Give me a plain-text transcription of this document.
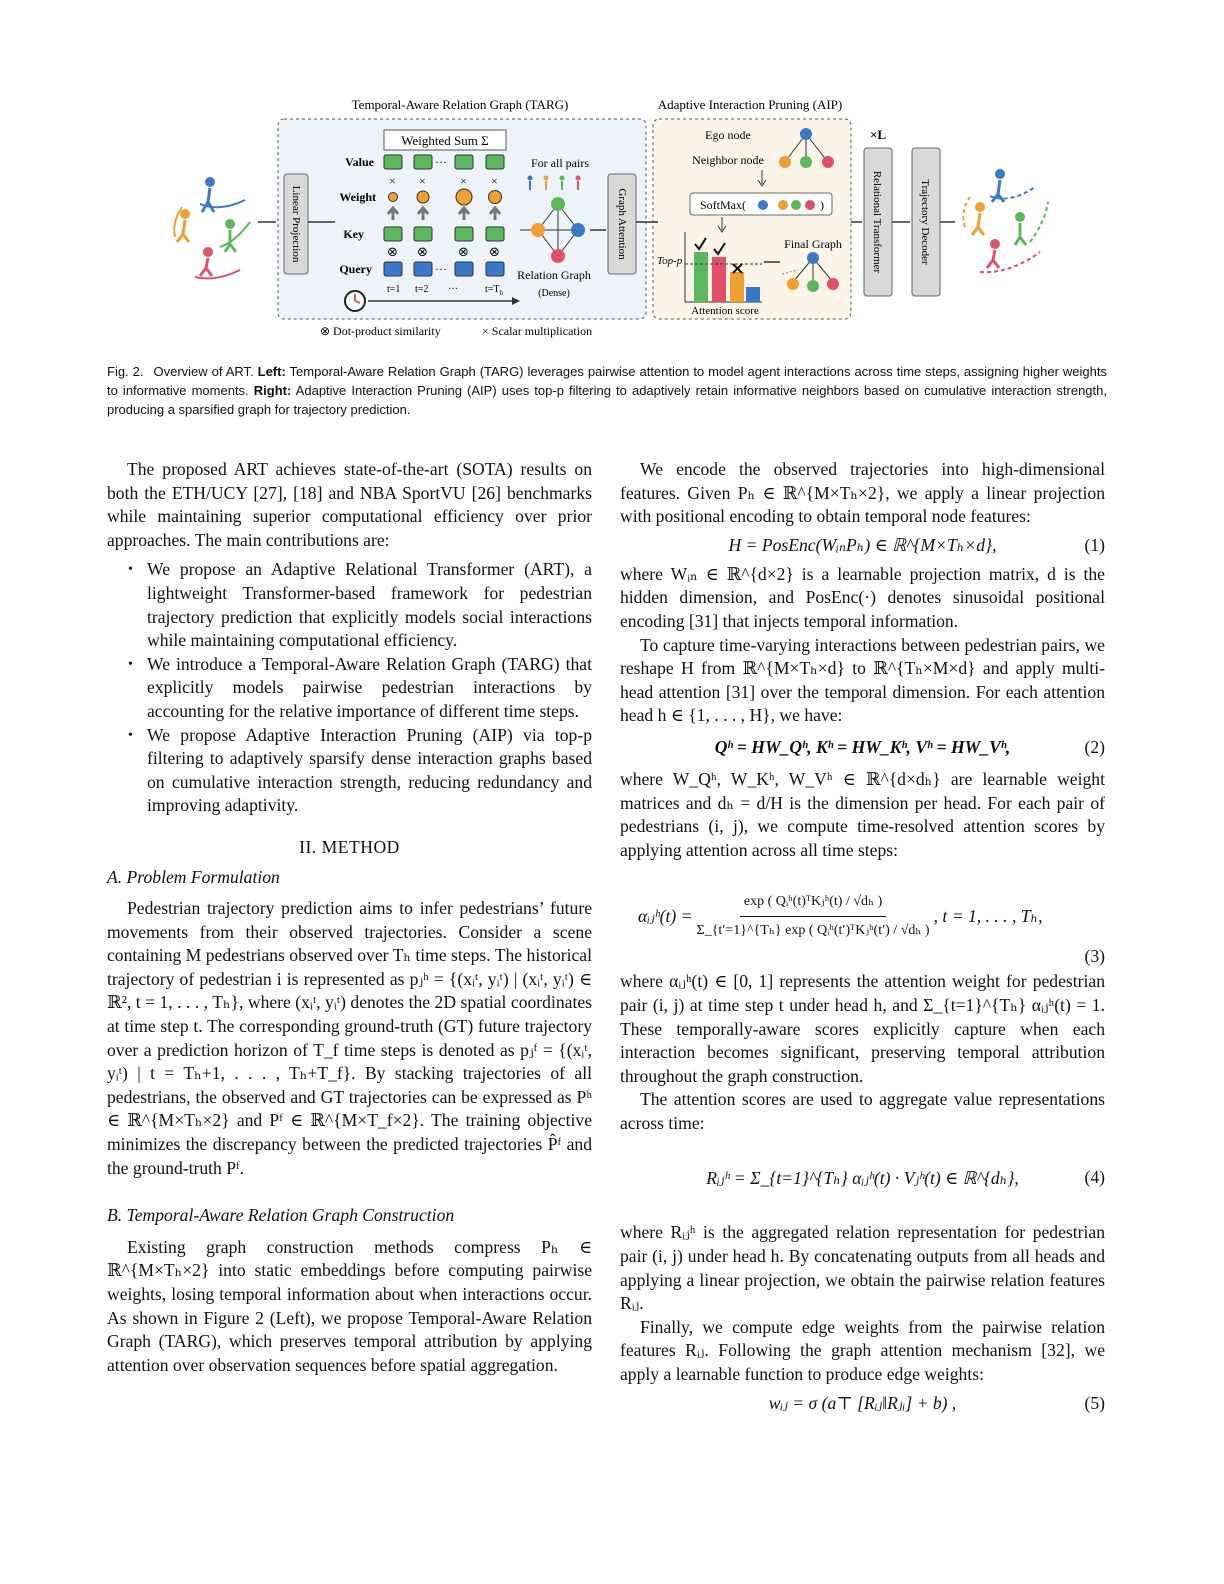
Temporal-Aware Relation Graph (TARG)	Adaptive Interaction Pruning (AIP)
Linear Projection
Value
Weight
Key
Query
Weighted Sum Σ
···
× ×	× ×
⊗ ⊗ ⊗ ⊗
···
t=1 t=2 ···	$t=T_h$
For all pairs
Relation Graph
(Dense)
Graph Attention
Ego node
Neighbor node
SoftMax(	)
Top-p
Attention score
Final Graph
×L
Relational Transformer	Trajectory Decoder
⊗ Dot-product similarity	× Scalar multiplication
Fig. 2. Overview of ART. Left: Temporal-Aware Relation Graph (TARG) leverages pairwise attention to model agent interactions across time steps, assigning higher weights to informative moments. Right: Adaptive Interaction Pruning (AIP) uses top-p filtering to adaptively retain informative neighbors based on cumulative interaction strength, producing a sparsified graph for trajectory prediction.

The proposed ART achieves state-of-the-art (SOTA) results on both the ETH/UCY [27], [18] and NBA SportVU [26] benchmarks while maintaining superior computational efficiency over prior approaches. The main contributions are:

• We propose an Adaptive Relational Transformer (ART), a lightweight Transformer-based framework for pedestrian trajectory prediction that explicitly models social interactions while maintaining computational efficiency.
• We introduce a Temporal-Aware Relation Graph (TARG) that explicitly models pairwise pedestrian interactions by accounting for the relative importance of different time steps.
• We propose Adaptive Interaction Pruning (AIP) via top-p filtering to adaptively sparsify dense interaction graphs based on cumulative interaction strength, reducing redundancy and improving adaptivity.
II. METHOD
A. Problem Formulation

Pedestrian trajectory prediction aims to infer pedestrians’ future movements from their observed trajectories. Consider a scene containing M pedestrians observed over Tₕ time steps. The historical trajectory of pedestrian i is represented as pⱼʰ = {(xᵢᵗ, yᵢᵗ) | (xᵢᵗ, yᵢᵗ) ∈ ℝ², t = 1, . . . , Tₕ}, where (xᵢᵗ, yᵢᵗ) denotes the 2D spatial coordinates at time step t. The corresponding ground-truth (GT) future trajectory over a prediction horizon of T_f time steps is denoted as pⱼᶠ = {(xᵢᵗ, yᵢᵗ) | t = Tₕ+1, . . . , Tₕ+T_f}. By stacking trajectories of all pedestrians, the observed and GT trajectories can be expressed as Pʰ ∈ ℝ^{M×Tₕ×2} and Pᶠ ∈ ℝ^{M×T_f×2}. The training objective minimizes the discrepancy between the predicted trajectories P̂ᶠ and the ground-truth Pᶠ.

B. Temporal-Aware Relation Graph Construction

Existing graph construction methods compress Pₕ ∈ ℝ^{M×Tₕ×2} into static embeddings before computing pairwise weights, losing temporal information about when interactions occur. As shown in Figure 2 (Left), we propose Temporal-Aware Relation Graph (TARG), which preserves temporal attribution by applying attention over observation sequences before spatial aggregation.

We encode the observed trajectories into high-dimensional features. Given Pₕ ∈ ℝ^{M×Tₕ×2}, we apply a linear projection with positional encoding to obtain temporal node features:

H = PosEnc(WᵢₙPₕ) ∈ ℝ^{M×Tₕ×d},	(1)

where Wᵢₙ ∈ ℝ^{d×2} is a learnable projection matrix, d is the hidden dimension, and PosEnc(·) denotes sinusoidal positional encoding [31] that injects temporal information.

To capture time-varying interactions between pedestrian pairs, we reshape H from ℝ^{M×Tₕ×d} to ℝ^{Tₕ×M×d} and apply multi-head attention [31] over the temporal dimension. For each attention head h ∈ {1, . . . , H}, we have:

Qʰ = HW_Qʰ, Kʰ = HW_Kʰ, Vʰ = HW_Vʰ,	(2)

where W_Qʰ, W_Kʰ, W_Vʰ ∈ ℝ^{d×dₕ} are learnable weight matrices and dₕ = d/H is the dimension per head. For each pair of pedestrians (i, j), we compute time-resolved attention scores by applying attention across all time steps:

αᵢⱼʰ(t) = $\frac{\text{exp ( Qᵢʰ(t)ᵀKⱼʰ(t) / √dₕ )}}{\text{Σ\_\{t′=1\}\textasciicircum{}\{Tₕ\} exp ( Qᵢʰ(t′)ᵀKⱼʰ(t′) / √dₕ )}}$ , t = 1, . . . , Tₕ,
(3)

where αᵢⱼʰ(t) ∈ [0, 1] represents the attention weight for pedestrian pair (i, j) at time step t under head h, and Σ_{t=1}^{Tₕ} αᵢⱼʰ(t) = 1. These temporally-aware scores explicitly capture when each interaction becomes significant, preserving temporal attribution throughout the graph construction.

The attention scores are used to aggregate value representations across time:

Rᵢⱼʰ = Σ_{t=1}^{Tₕ} αᵢⱼʰ(t) · Vⱼʰ(t) ∈ ℝ^{dₕ},	(4)

where Rᵢⱼʰ is the aggregated relation representation for pedestrian pair (i, j) under head h. By concatenating outputs from all heads and applying a linear projection, we obtain the pairwise relation features Rᵢⱼ.

Finally, we compute edge weights from the pairwise relation features Rᵢⱼ. Following the graph attention mechanism [32], we apply a learnable function to produce edge weights:

wᵢⱼ = σ (a⊤ [Rᵢⱼ‖Rⱼᵢ] + b) ,	(5)
